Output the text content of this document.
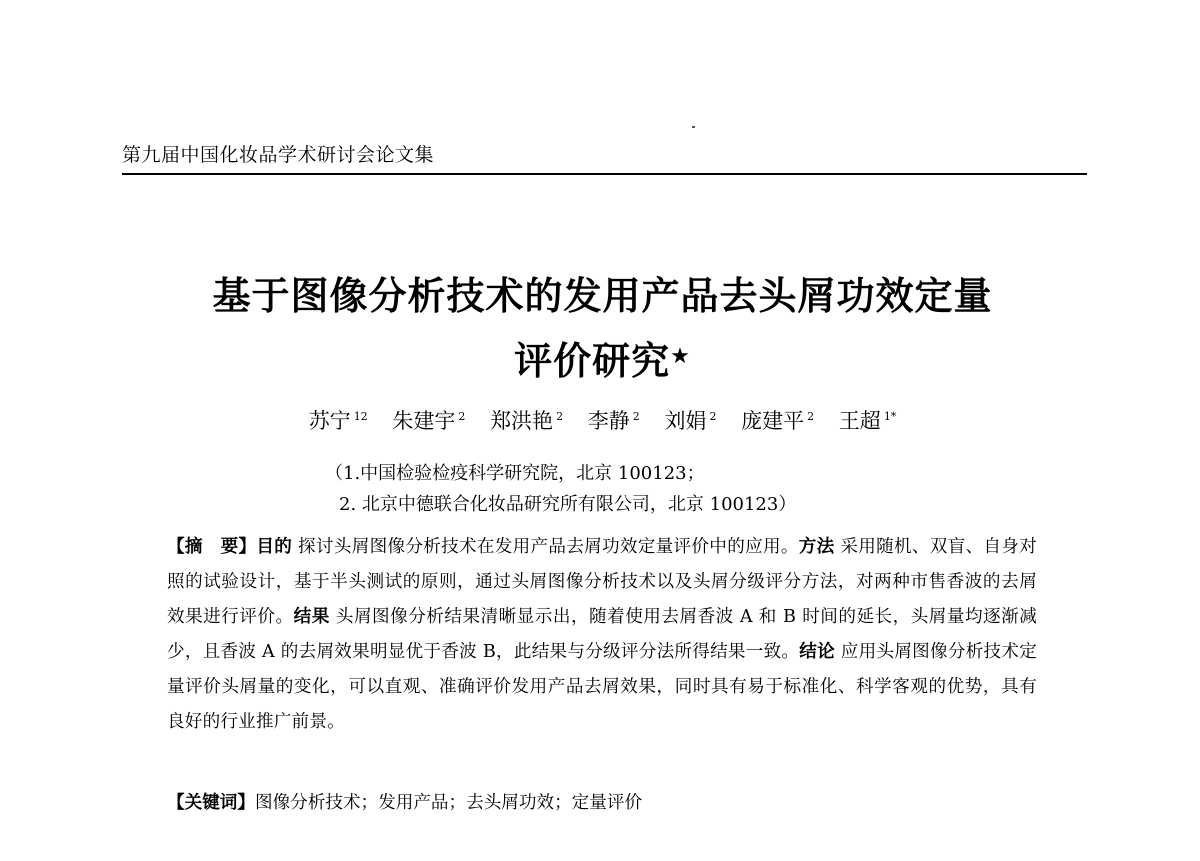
第九届中国化妆品学术研讨会论文集
基于图像分析技术的发用产品去头屑功效定量
评价研究★
苏宁 $^{12}$ 朱建宇 $^2$ 郑洪艳 $^2$ 李静 $^2$ 刘娟 $^2$ 庞建平 $^2$ 王超 $^{1*}$
（1.中国检验检疫科学研究院，北京 100123；
2. 北京中德联合化妆品研究所有限公司，北京 100123）
【摘　要】目的 探讨头屑图像分析技术在发用产品去屑功效定量评价中的应用。方法 采用随机、双盲、自身对照的试验设计，基于半头测试的原则，通过头屑图像分析技术以及头屑分级评分方法，对两种市售香波的去屑效果进行评价。结果 头屑图像分析结果清晰显示出，随着使用去屑香波 A 和 B 时间的延长，头屑量均逐渐减少，且香波 A 的去屑效果明显优于香波 B，此结果与分级评分法所得结果一致。结论 应用头屑图像分析技术定量评价头屑量的变化，可以直观、准确评价发用产品去屑效果，同时具有易于标准化、科学客观的优势，具有良好的行业推广前景。
【关键词】图像分析技术；发用产品；去头屑功效；定量评价
